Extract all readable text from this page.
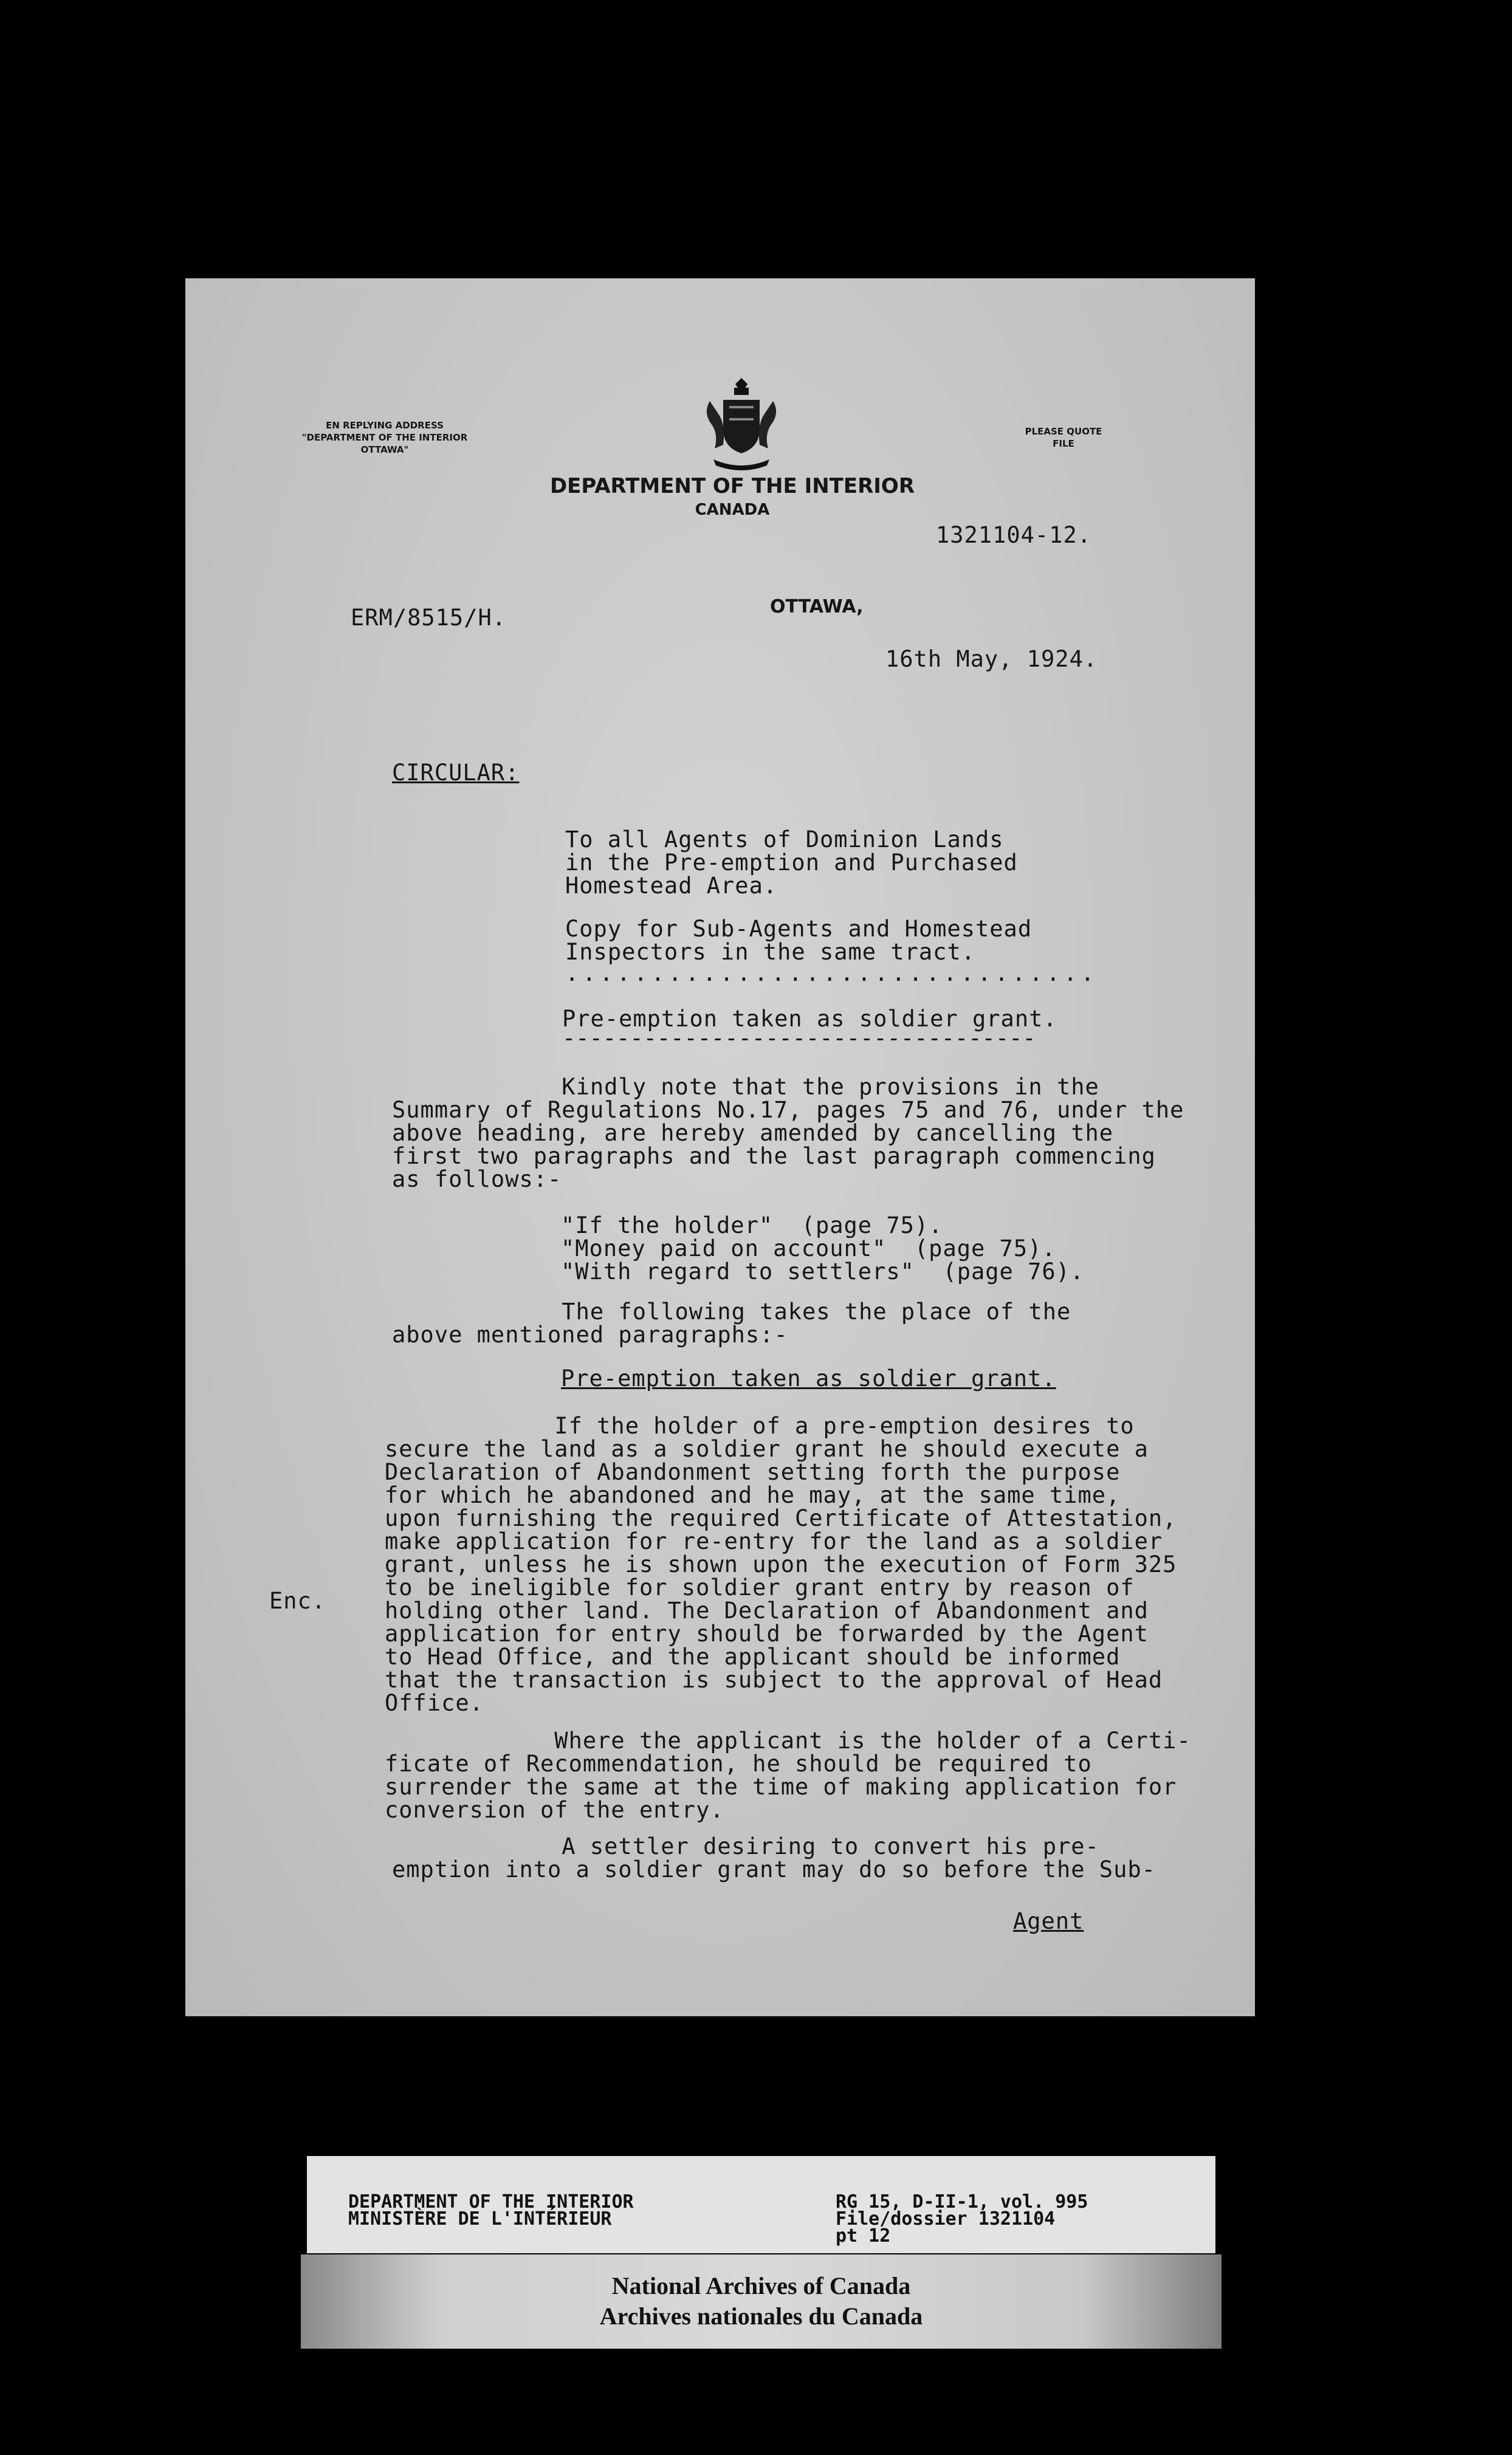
EN REPLYING ADDRESS
"DEPARTMENT OF THE INTERIOR
OTTAWA"
DEPARTMENT OF THE INTERIOR
CANADA
PLEASE QUOTE
FILE
1321104-12.
ERM/8515/H.	OTTAWA,
16th May, 1924.
CIRCULAR:
To all Agents of Dominion Lands
in the Pre-emption and Purchased
Homestead Area.
Copy for Sub-Agents and Homestead
Inspectors in the same tract.
...............................
Pre-emption taken as soldier grant.
-----------------------------------
Kindly note that the provisions in the
Summary of Regulations No.17, pages 75 and 76, under the
above heading, are hereby amended by cancelling the
first two paragraphs and the last paragraph commencing
as follows:-
"If the holder"  (page 75).
"Money paid on account"  (page 75).
"With regard to settlers"  (page 76).
The following takes the place of the
above mentioned paragraphs:-
Pre-emption taken as soldier grant.
If the holder of a pre-emption desires to
secure the land as a soldier grant he should execute a
Declaration of Abandonment setting forth the purpose
for which he abandoned and he may, at the same time,
upon furnishing the required Certificate of Attestation,
make application for re-entry for the land as a soldier
grant, unless he is shown upon the execution of Form 325
to be ineligible for soldier grant entry by reason of
holding other land. The Declaration of Abandonment and
application for entry should be forwarded by the Agent
to Head Office, and the applicant should be informed
that the transaction is subject to the approval of Head
Office.
Enc.
Where the applicant is the holder of a Certi-
ficate of Recommendation, he should be required to
surrender the same at the time of making application for
conversion of the entry.
A settler desiring to convert his pre-
emption into a soldier grant may do so before the Sub-
Agent
DEPARTMENT OF THE INTERIOR
MINISTÈRE DE L'INTÉRIEUR
RG 15, D-II-1, vol. 995
File/dossier 1321104
pt 12
National Archives of Canada
Archives nationales du Canada
